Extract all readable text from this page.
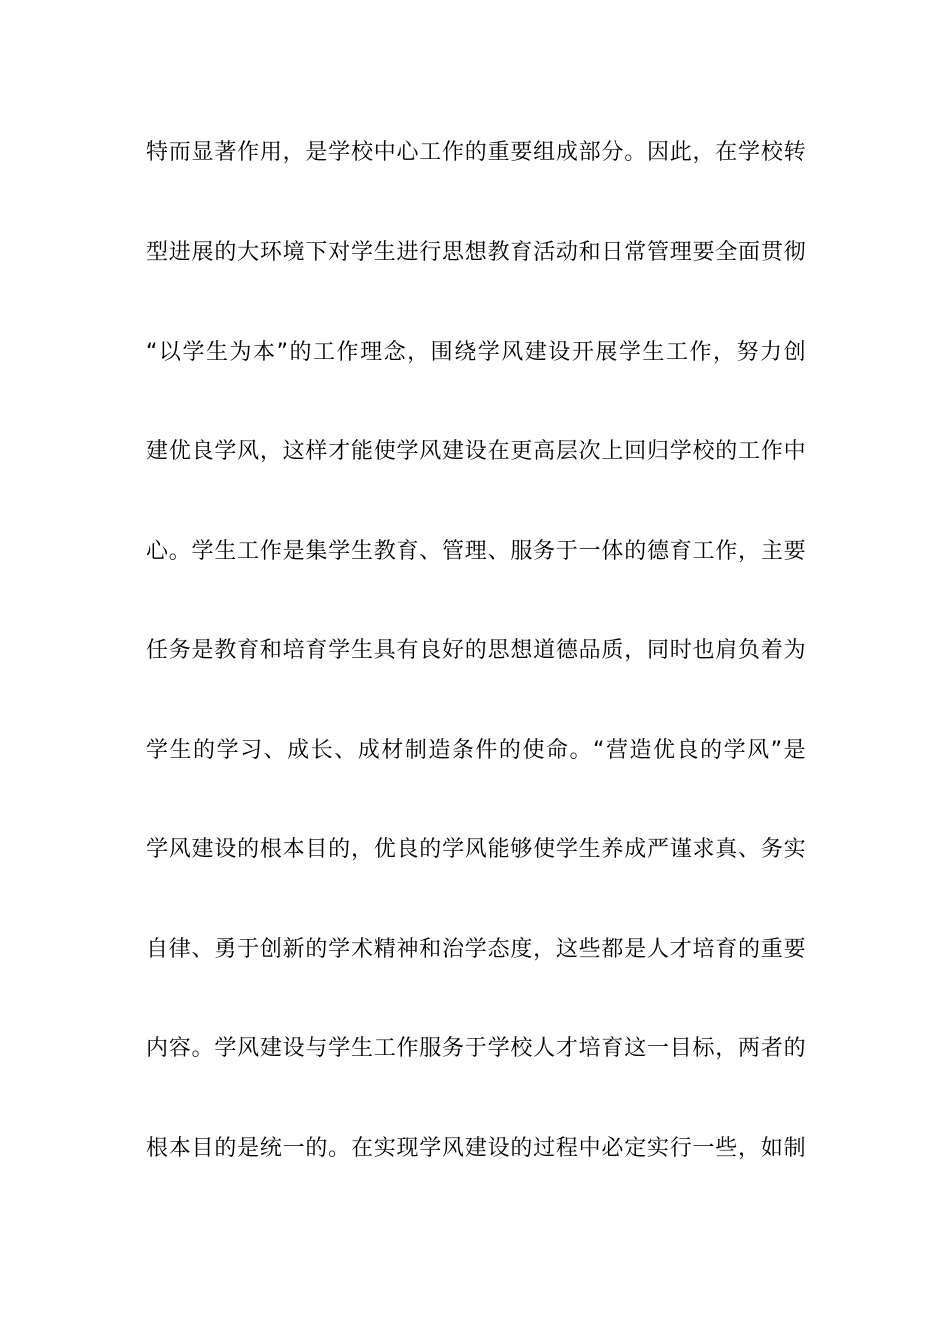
特而显著作用，是学校中心工作的重要组成部分。因此，在学校转
型进展的大环境下对学生进行思想教育活动和日常管理要全面贯彻
“以学生为本”的工作理念，围绕学风建设开展学生工作，努力创
建优良学风，这样才能使学风建设在更高层次上回归学校的工作中
心。学生工作是集学生教育、管理、服务于一体的德育工作，主要
任务是教育和培育学生具有良好的思想道德品质，同时也肩负着为
学生的学习、成长、成材制造条件的使命。“营造优良的学风”是
学风建设的根本目的，优良的学风能够使学生养成严谨求真、务实
自律、勇于创新的学术精神和治学态度，这些都是人才培育的重要
内容。学风建设与学生工作服务于学校人才培育这一目标，两者的
根本目的是统一的。在实现学风建设的过程中必定实行一些，如制
